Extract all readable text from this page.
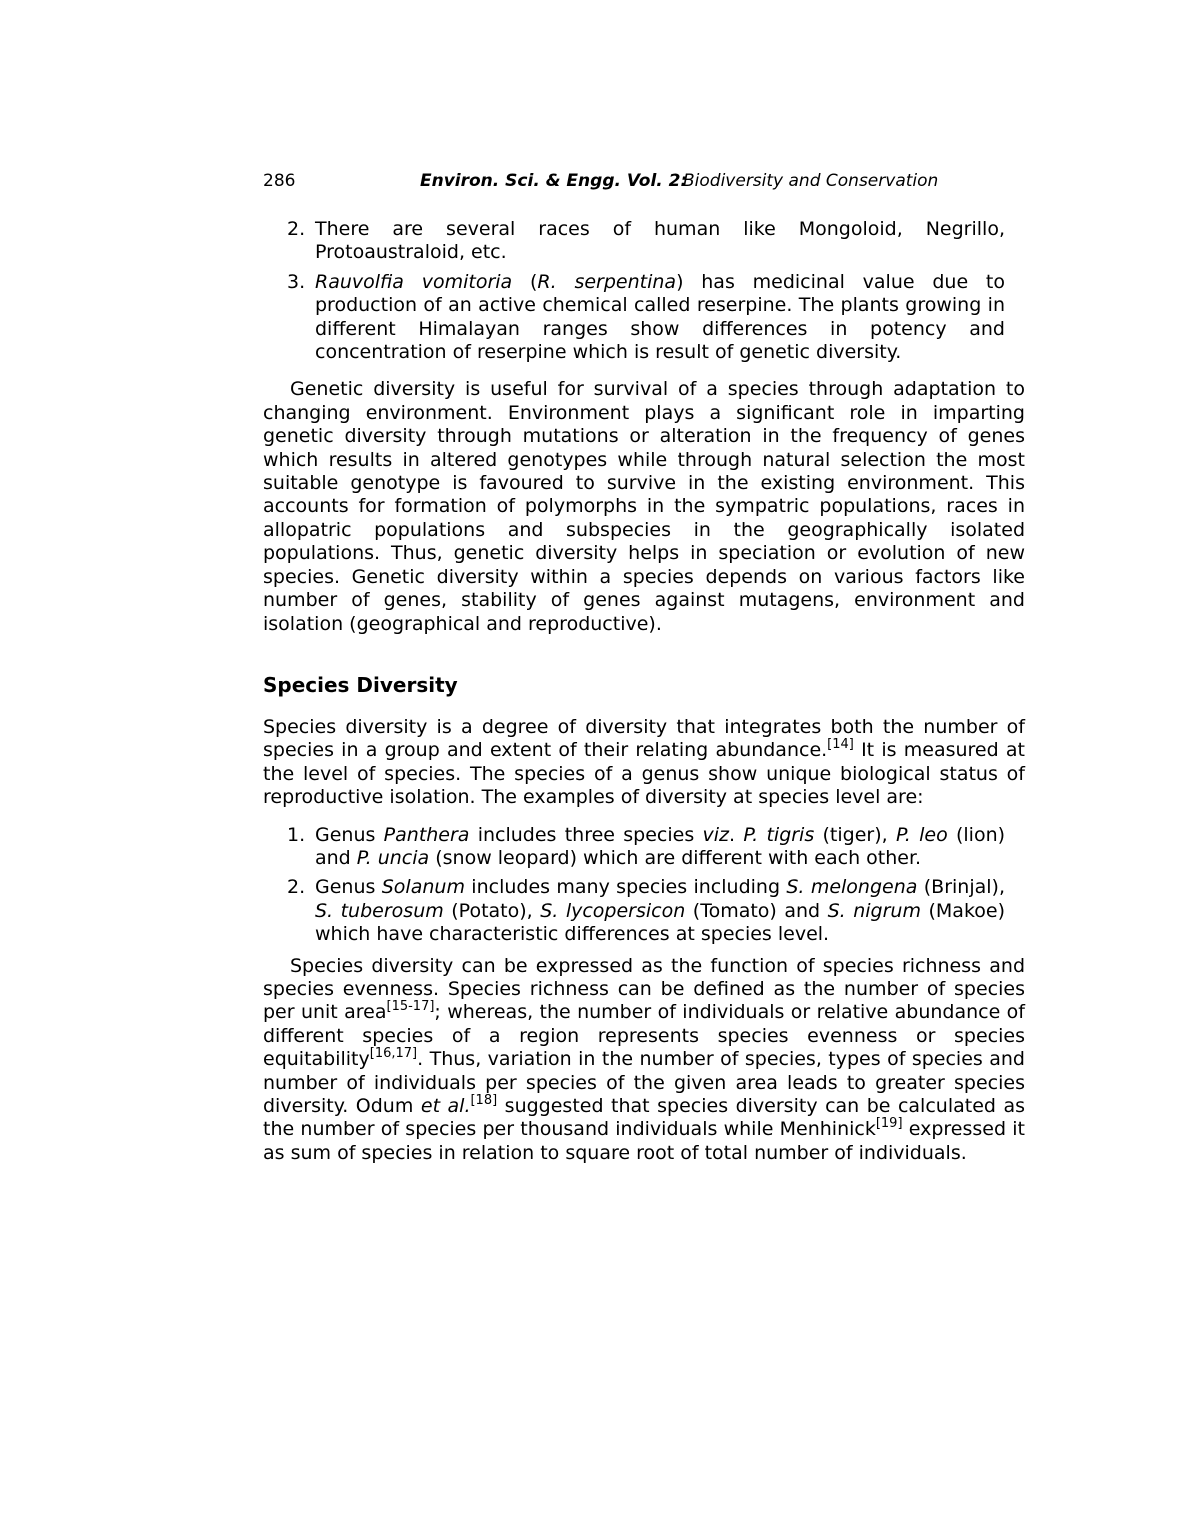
286	Environ. Sci. & Engg. Vol. 2:
Biodiversity and Conservation
2. There are several races of human like Mongoloid, Negrillo, Protoaustraloid, etc.
3. Rauvolfia vomitoria (R. serpentina) has medicinal value due to production of an active chemical called reserpine. The plants growing in different Himalayan ranges show differences in potency and concentration of reserpine which is result of genetic diversity.

Genetic diversity is useful for survival of a species through adaptation to changing environment. Environment plays a significant role in imparting genetic diversity through mutations or alteration in the frequency of genes which results in altered genotypes while through natural selection the most suitable genotype is favoured to survive in the existing environment. This accounts for formation of polymorphs in the sympatric populations, races in allopatric populations and subspecies in the geographically isolated populations. Thus, genetic diversity helps in speciation or evolution of new species. Genetic diversity within a species depends on various factors like number of genes, stability of genes against mutagens, environment and isolation (geographical and reproductive).

Species Diversity

Species diversity is a degree of diversity that integrates both the number of species in a group and extent of their relating abundance.[14] It is measured at the level of species. The species of a genus show unique biological status of reproductive isolation. The examples of diversity at species level are:

1. Genus Panthera includes three species viz. P. tigris (tiger), P. leo (lion) and P. uncia (snow leopard) which are different with each other.
2. Genus Solanum includes many species including S. melongena (Brinjal), S. tuberosum (Potato), S. lycopersicon (Tomato) and S. nigrum (Makoe) which have characteristic differences at species level.

Species diversity can be expressed as the function of species richness and species evenness. Species richness can be defined as the number of species per unit area[15-17]; whereas, the number of individuals or relative abundance of different species of a region represents species evenness or species equitability[16,17]. Thus, variation in the number of species, types of species and number of individuals per species of the given area leads to greater species diversity. Odum et al.[18] suggested that species diversity can be calculated as the number of species per thousand individuals while Menhinick[19] expressed it as sum of species in relation to square root of total number of individuals.
